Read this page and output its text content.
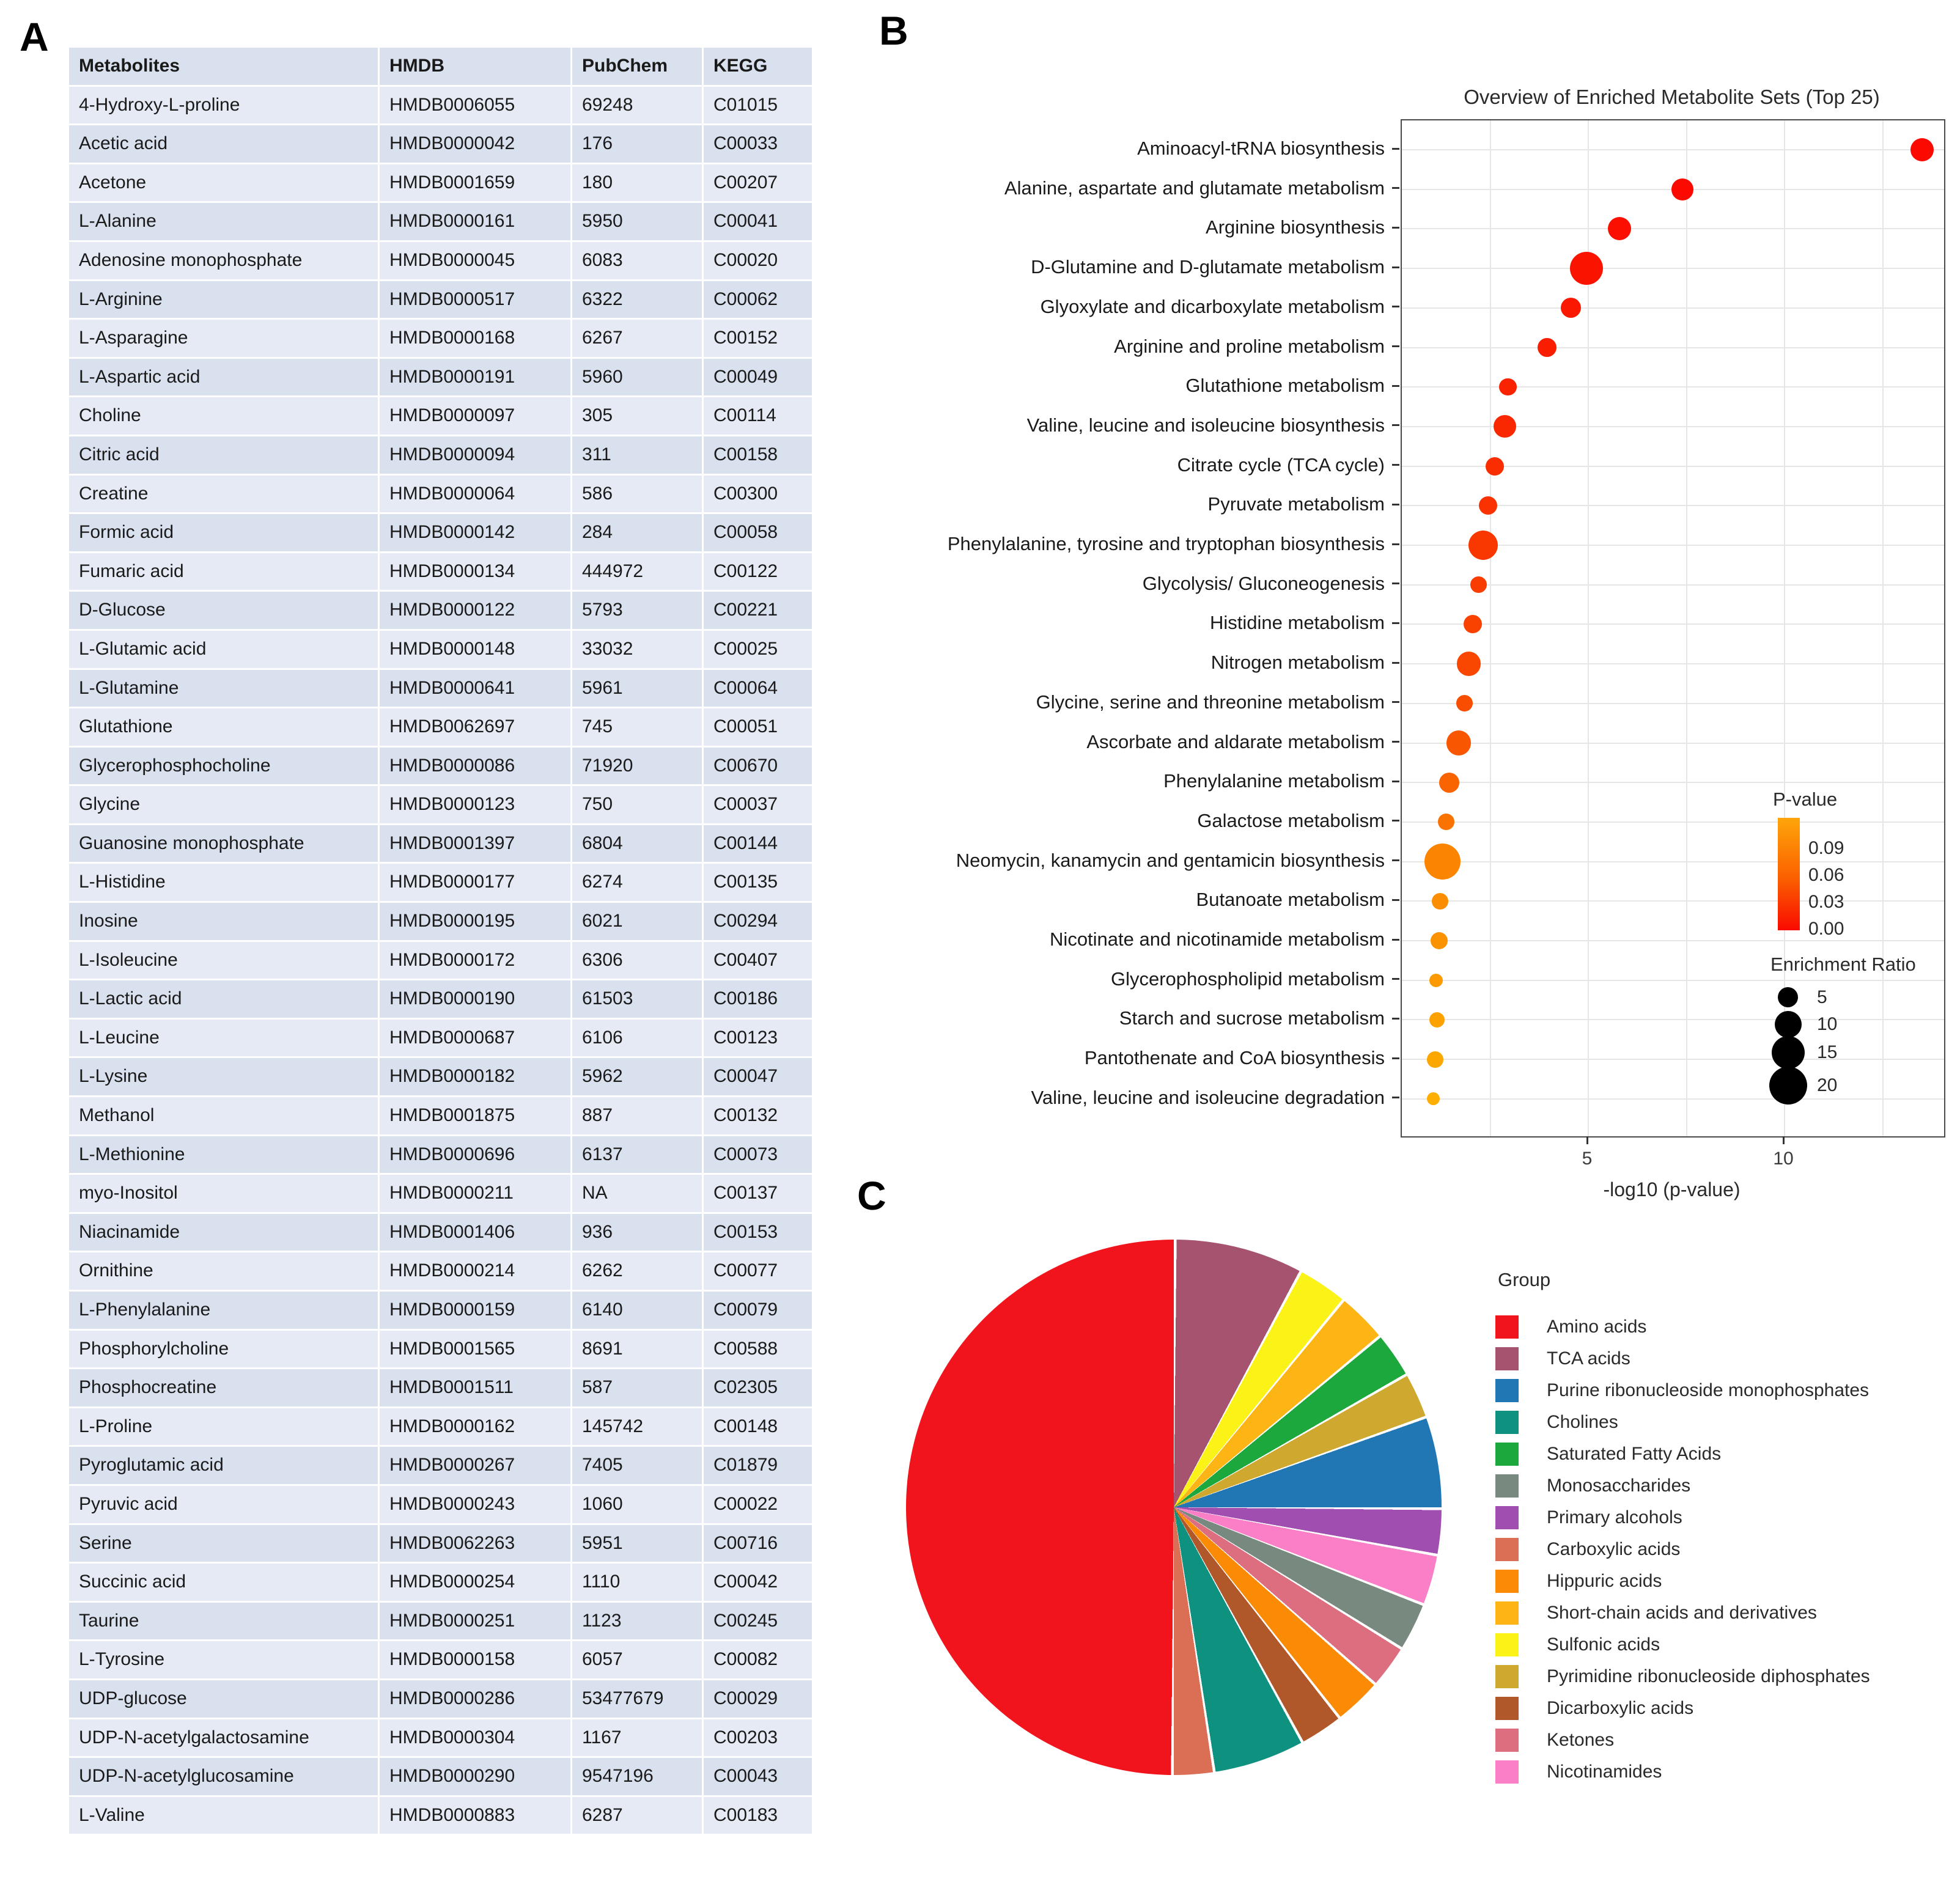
A	B
C
Metabolites	HMDB	PubChem	KEGG
4-Hydroxy-L-proline	HMDB0006055	69248	C01015
Acetic acid	HMDB0000042	176	C00033
Acetone	HMDB0001659	180	C00207
L-Alanine	HMDB0000161	5950	C00041
Adenosine monophosphate	HMDB0000045	6083	C00020
L-Arginine	HMDB0000517	6322	C00062
L-Asparagine	HMDB0000168	6267	C00152
L-Aspartic acid	HMDB0000191	5960	C00049
Choline	HMDB0000097	305	C00114
Citric acid	HMDB0000094	311	C00158
Creatine	HMDB0000064	586	C00300
Formic acid	HMDB0000142	284	C00058
Fumaric acid	HMDB0000134	444972	C00122
D-Glucose	HMDB0000122	5793	C00221
L-Glutamic acid	HMDB0000148	33032	C00025
L-Glutamine	HMDB0000641	5961	C00064
Glutathione	HMDB0062697	745	C00051
Glycerophosphocholine	HMDB0000086	71920	C00670
Glycine	HMDB0000123	750	C00037
Guanosine monophosphate	HMDB0001397	6804	C00144
L-Histidine	HMDB0000177	6274	C00135
Inosine	HMDB0000195	6021	C00294
L-Isoleucine	HMDB0000172	6306	C00407
L-Lactic acid	HMDB0000190	61503	C00186
L-Leucine	HMDB0000687	6106	C00123
L-Lysine	HMDB0000182	5962	C00047
Methanol	HMDB0001875	887	C00132
L-Methionine	HMDB0000696	6137	C00073
myo-Inositol	HMDB0000211	NA	C00137
Niacinamide	HMDB0001406	936	C00153
Ornithine	HMDB0000214	6262	C00077
L-Phenylalanine	HMDB0000159	6140	C00079
Phosphorylcholine	HMDB0001565	8691	C00588
Phosphocreatine	HMDB0001511	587	C02305
L-Proline	HMDB0000162	145742	C00148
Pyroglutamic acid	HMDB0000267	7405	C01879
Pyruvic acid	HMDB0000243	1060	C00022
Serine	HMDB0062263	5951	C00716
Succinic acid	HMDB0000254	1110	C00042
Taurine	HMDB0000251	1123	C00245
L-Tyrosine	HMDB0000158	6057	C00082
UDP-glucose	HMDB0000286	53477679	C00029
UDP-N-acetylgalactosamine	HMDB0000304	1167	C00203
UDP-N-acetylglucosamine	HMDB0000290	9547196	C00043
L-Valine	HMDB0000883	6287	C00183
Overview of Enriched Metabolite Sets (Top 25)
Aminoacyl-tRNA biosynthesis
Alanine, aspartate and glutamate metabolism
Arginine biosynthesis
D-Glutamine and D-glutamate metabolism
Glyoxylate and dicarboxylate metabolism
Arginine and proline metabolism
Glutathione metabolism
Valine, leucine and isoleucine biosynthesis
Citrate cycle (TCA cycle)
Pyruvate metabolism
Phenylalanine, tyrosine and tryptophan biosynthesis
Glycolysis/ Gluconeogenesis
Histidine metabolism
Nitrogen metabolism
Glycine, serine and threonine metabolism
Ascorbate and aldarate metabolism
Phenylalanine metabolism
Galactose metabolism
Neomycin, kanamycin and gentamicin biosynthesis
Butanoate metabolism
Nicotinate and nicotinamide metabolism
Glycerophospholipid metabolism
Starch and sucrose metabolism
Pantothenate and CoA biosynthesis
Valine, leucine and isoleucine degradation
5	10
-log10 (p-value)
P-value
0.09
0.06
0.03
0.00
Enrichment Ratio
5
10
15
20
Group
Amino acids
TCA acids
Purine ribonucleoside monophosphates
Cholines
Saturated Fatty Acids
Monosaccharides
Primary alcohols
Carboxylic acids
Hippuric acids
Short-chain acids and derivatives
Sulfonic acids
Pyrimidine ribonucleoside diphosphates
Dicarboxylic acids
Ketones
Nicotinamides
